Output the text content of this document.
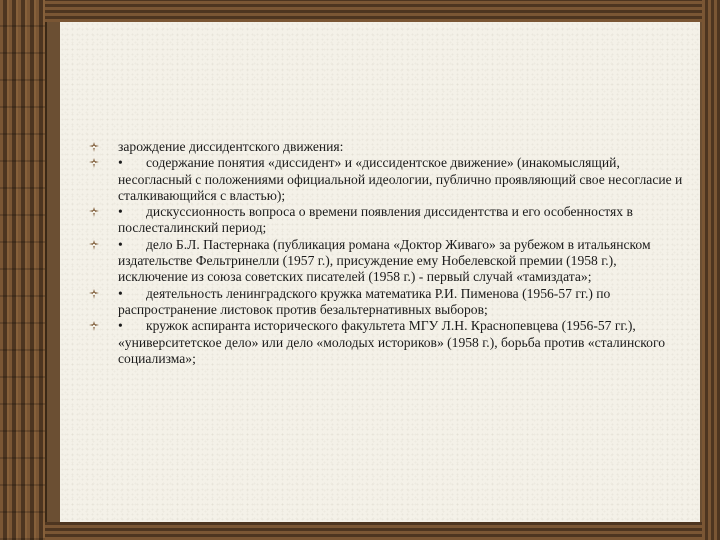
зарождение диссидентского движения:

• содержание понятия «диссидент» и «диссидентское движение» (инакомыслящий, несогласный с положениями официальной идеологии, публично проявляющий свое несогласие и сталкивающийся с властью);

• дискуссионность вопроса о времени появления диссидентства и его особенностях в послесталинский период;

• дело Б.Л. Пастернака (публикация романа «Доктор Живаго» за рубежом в итальянском издательстве Фельтринелли (1957 г.), присуждение ему Нобелевской премии (1958 г.), исключение из союза советских писателей (1958 г.) - первый случай «тамиздата»;

• деятельность ленинградского кружка математика Р.И. Пименова (1956-57 гг.) по распространение листовок против безальтернативных выборов;

• кружок аспиранта исторического факультета МГУ Л.Н. Краснопевцева (1956-57 гг.), «университетское дело» или дело «молодых историков» (1958 г.), борьба против «сталинского социализма»;
